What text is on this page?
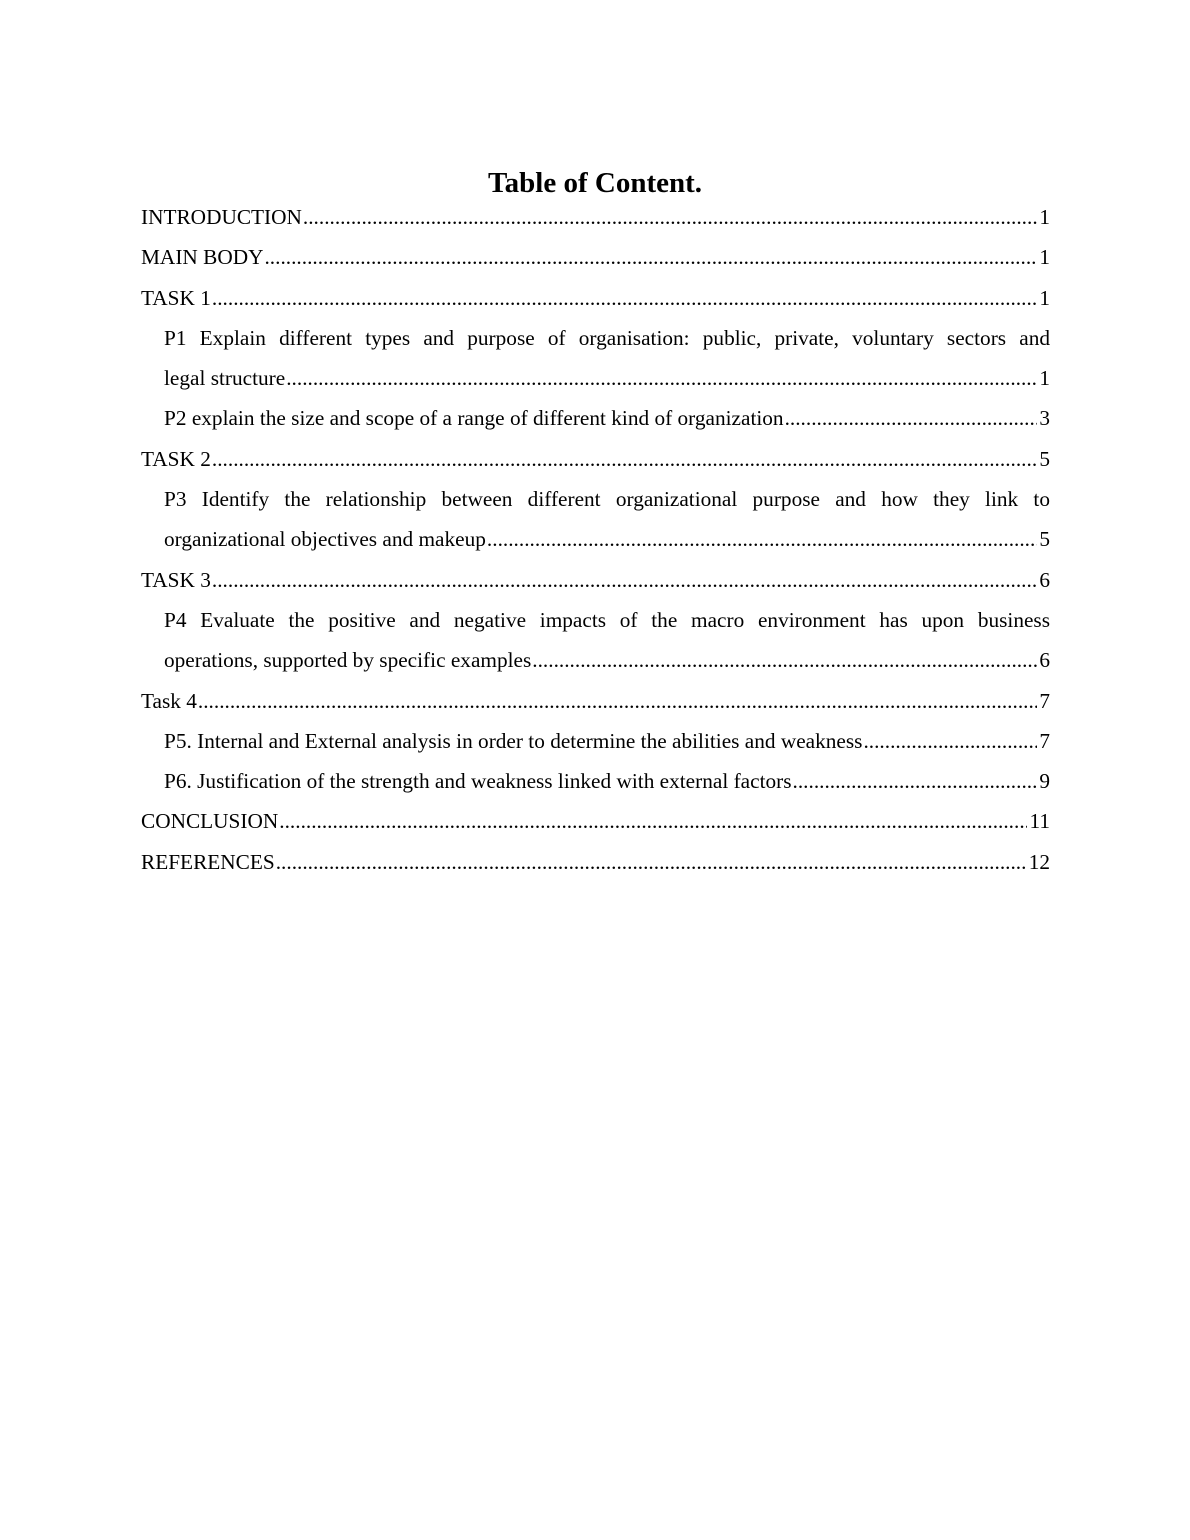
Table of Content.
1
INTRODUCTION
1
MAIN BODY
1
TASK 1
P1 Explain different types and purpose of organisation: public, private, voluntary sectors and
1
legal structure
3
P2 explain the size and scope of a range of different kind of organization
5
TASK 2
P3 Identify the relationship between different organizational purpose and how they link to
5
organizational objectives and makeup
6
TASK 3
P4 Evaluate the positive and negative impacts of the macro environment has upon business
6
operations, supported by specific examples
7
Task 4
7
P5. Internal and External analysis in order to determine the abilities and weakness
9
P6. Justification of the strength and weakness linked with external factors
11
CONCLUSION
12
REFERENCES
